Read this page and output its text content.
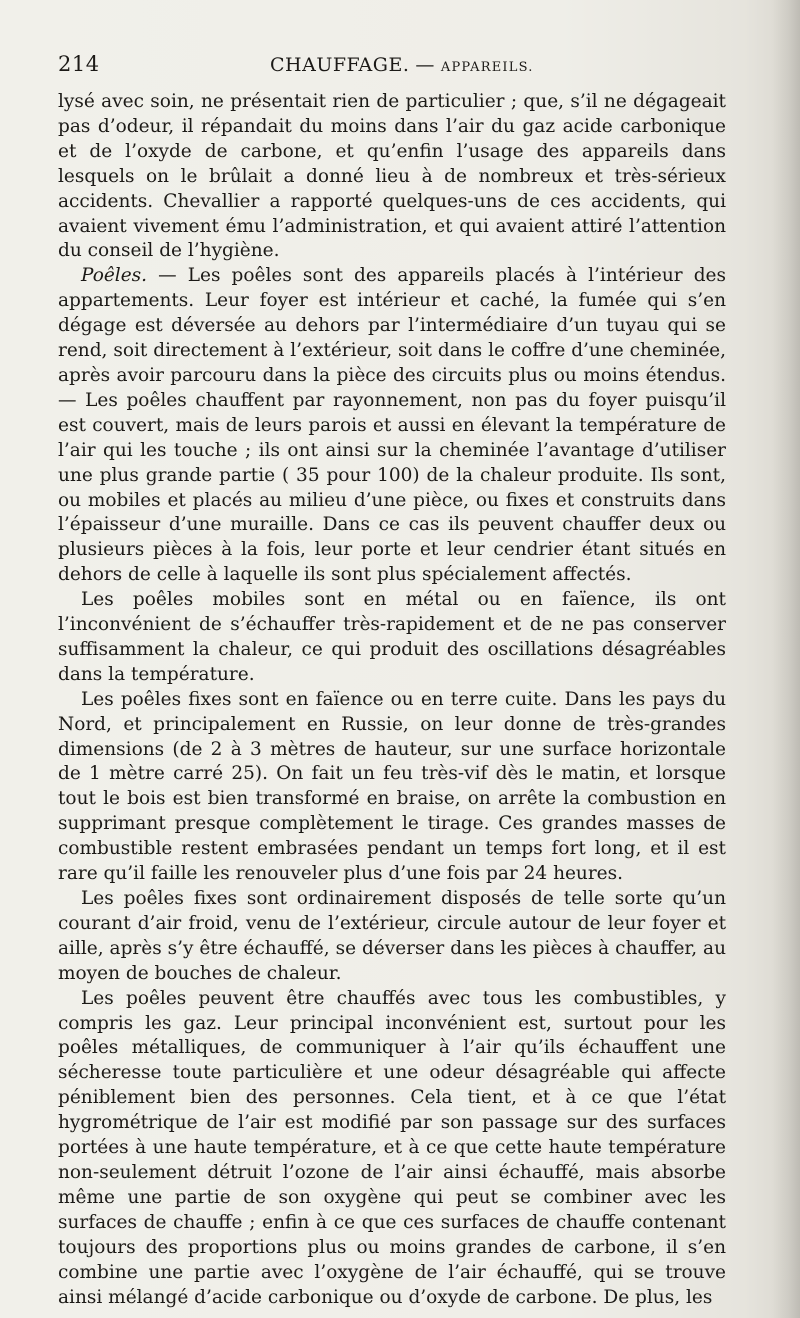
214	CHAUFFAGE. — APPAREILS.

lysé avec soin, ne présentait rien de particulier ; que, s’il ne dégageait pas d’odeur, il répandait du moins dans l’air du gaz acide carbonique et de l’oxyde de carbone, et qu’enfin l’usage des appareils dans lesquels on le brûlait a donné lieu à de nombreux et très-sérieux accidents. Chevallier a rapporté quelques-uns de ces accidents, qui avaient vivement ému l’administration, et qui avaient attiré l’attention du conseil de l’hygiène.

Poêles. — Les poêles sont des appareils placés à l’intérieur des appartements. Leur foyer est intérieur et caché, la fumée qui s’en dégage est déversée au dehors par l’intermédiaire d’un tuyau qui se rend, soit directement à l’extérieur, soit dans le coffre d’une cheminée, après avoir parcouru dans la pièce des circuits plus ou moins étendus. — Les poêles chauffent par rayonnement, non pas du foyer puisqu’il est couvert, mais de leurs parois et aussi en élevant la température de l’air qui les touche ; ils ont ainsi sur la cheminée l’avantage d’utiliser une plus grande partie ( 35 pour 100) de la chaleur produite. Ils sont, ou mobiles et placés au milieu d’une pièce, ou fixes et construits dans l’épaisseur d’une muraille. Dans ce cas ils peuvent chauffer deux ou plusieurs pièces à la fois, leur porte et leur cendrier étant situés en dehors de celle à laquelle ils sont plus spécialement affectés.

Les poêles mobiles sont en métal ou en faïence, ils ont l’inconvénient de s’échauffer très-rapidement et de ne pas conserver suffisamment la chaleur, ce qui produit des oscillations désagréables dans la température.

Les poêles fixes sont en faïence ou en terre cuite. Dans les pays du Nord, et principalement en Russie, on leur donne de très-grandes dimensions (de 2 à 3 mètres de hauteur, sur une surface horizontale de 1 mètre carré 25). On fait un feu très-vif dès le matin, et lorsque tout le bois est bien transformé en braise, on arrête la combustion en supprimant presque complètement le tirage. Ces grandes masses de combustible restent embrasées pendant un temps fort long, et il est rare qu’il faille les renouveler plus d’une fois par 24 heures.

Les poêles fixes sont ordinairement disposés de telle sorte qu’un courant d’air froid, venu de l’extérieur, circule autour de leur foyer et aille, après s’y être échauffé, se déverser dans les pièces à chauffer, au moyen de bouches de chaleur.

Les poêles peuvent être chauffés avec tous les combustibles, y compris les gaz. Leur principal inconvénient est, surtout pour les poêles métalliques, de communiquer à l’air qu’ils échauffent une sécheresse toute particulière et une odeur désagréable qui affecte péniblement bien des personnes. Cela tient, et à ce que l’état hygrométrique de l’air est modifié par son passage sur des surfaces portées à une haute température, et à ce que cette haute température non-seulement détruit l’ozone de l’air ainsi échauffé, mais absorbe même une partie de son oxygène qui peut se combiner avec les surfaces de chauffe ; enfin à ce que ces surfaces de chauffe contenant toujours des proportions plus ou moins grandes de carbone, il s’en combine une partie avec l’oxygène de l’air échauffé, qui se trouve ainsi mélangé d’acide carbonique ou d’oxyde de carbone. De plus, les
